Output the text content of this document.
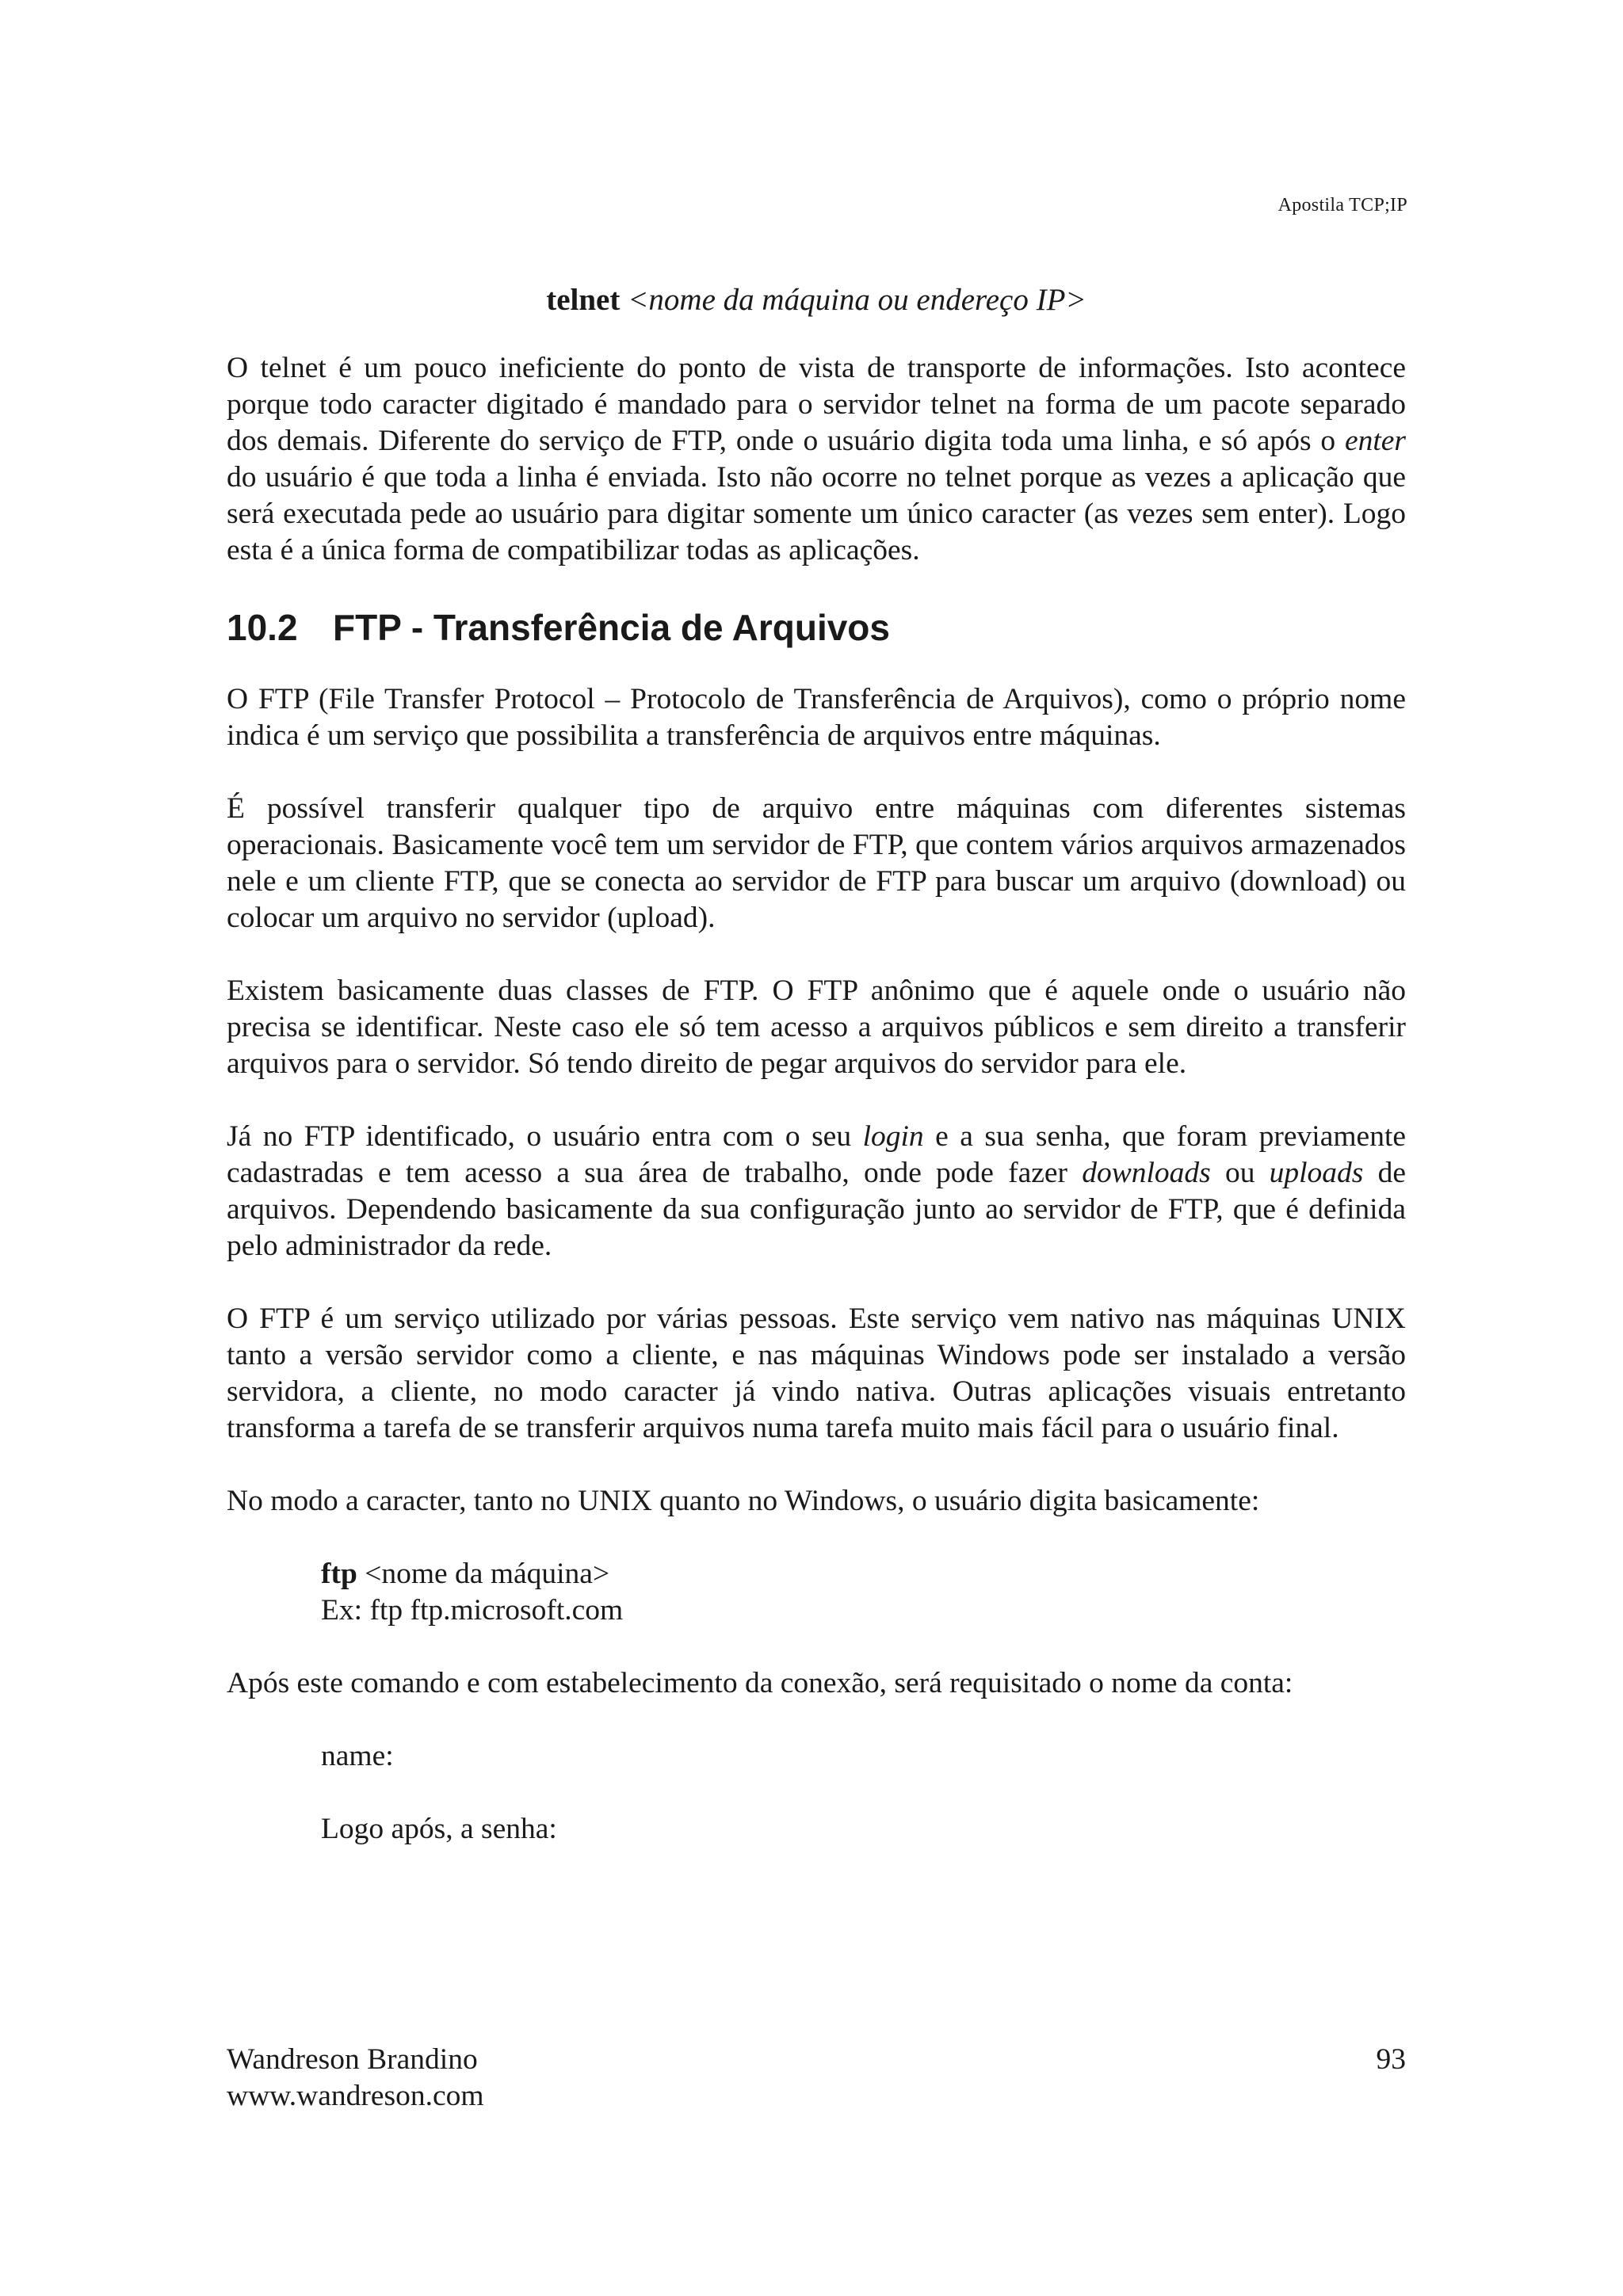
Apostila TCP;IP
telnet <nome da máquina ou endereço IP>

O telnet é um pouco ineficiente do ponto de vista de transporte de informações. Isto acontece porque todo caracter digitado é mandado para o servidor telnet na forma de um pacote separado dos demais. Diferente do serviço de FTP, onde o usuário digita toda uma linha, e só após o enter do usuário é que toda a linha é enviada. Isto não ocorre no telnet porque as vezes a aplicação que será executada pede ao usuário para digitar somente um único caracter (as vezes sem enter). Logo esta é a única forma de compatibilizar todas as aplicações.

10.2 FTP - Transferência de Arquivos

O FTP (File Transfer Protocol – Protocolo de Transferência de Arquivos), como o próprio nome indica é um serviço que possibilita a transferência de arquivos entre máquinas.

É possível transferir qualquer tipo de arquivo entre máquinas com diferentes sistemas operacionais. Basicamente você tem um servidor de FTP, que contem vários arquivos armazenados nele e um cliente FTP, que se conecta ao servidor de FTP para buscar um arquivo (download) ou colocar um arquivo no servidor (upload).

Existem basicamente duas classes de FTP. O FTP anônimo que é aquele onde o usuário não precisa se identificar. Neste caso ele só tem acesso a arquivos públicos e sem direito a transferir arquivos para o servidor. Só tendo direito de pegar arquivos do servidor para ele.

Já no FTP identificado, o usuário entra com o seu login e a sua senha, que foram previamente cadastradas e tem acesso a sua área de trabalho, onde pode fazer downloads ou uploads de arquivos. Dependendo basicamente da sua configuração junto ao servidor de FTP, que é definida pelo administrador da rede.

O FTP é um serviço utilizado por várias pessoas. Este serviço vem nativo nas máquinas UNIX tanto a versão servidor como a cliente, e nas máquinas Windows pode ser instalado a versão servidora, a cliente, no modo caracter já vindo nativa. Outras aplicações visuais entretanto transforma a tarefa de se transferir arquivos numa tarefa muito mais fácil para o usuário final.

No modo a caracter, tanto no UNIX quanto no Windows, o usuário digita basicamente:

ftp <nome da máquina>
Ex: ftp ftp.microsoft.com

Após este comando e com estabelecimento da conexão, será requisitado o nome da conta:

name:
Logo após, a senha:
Wandreson Brandino
www.wandreson.com
93
